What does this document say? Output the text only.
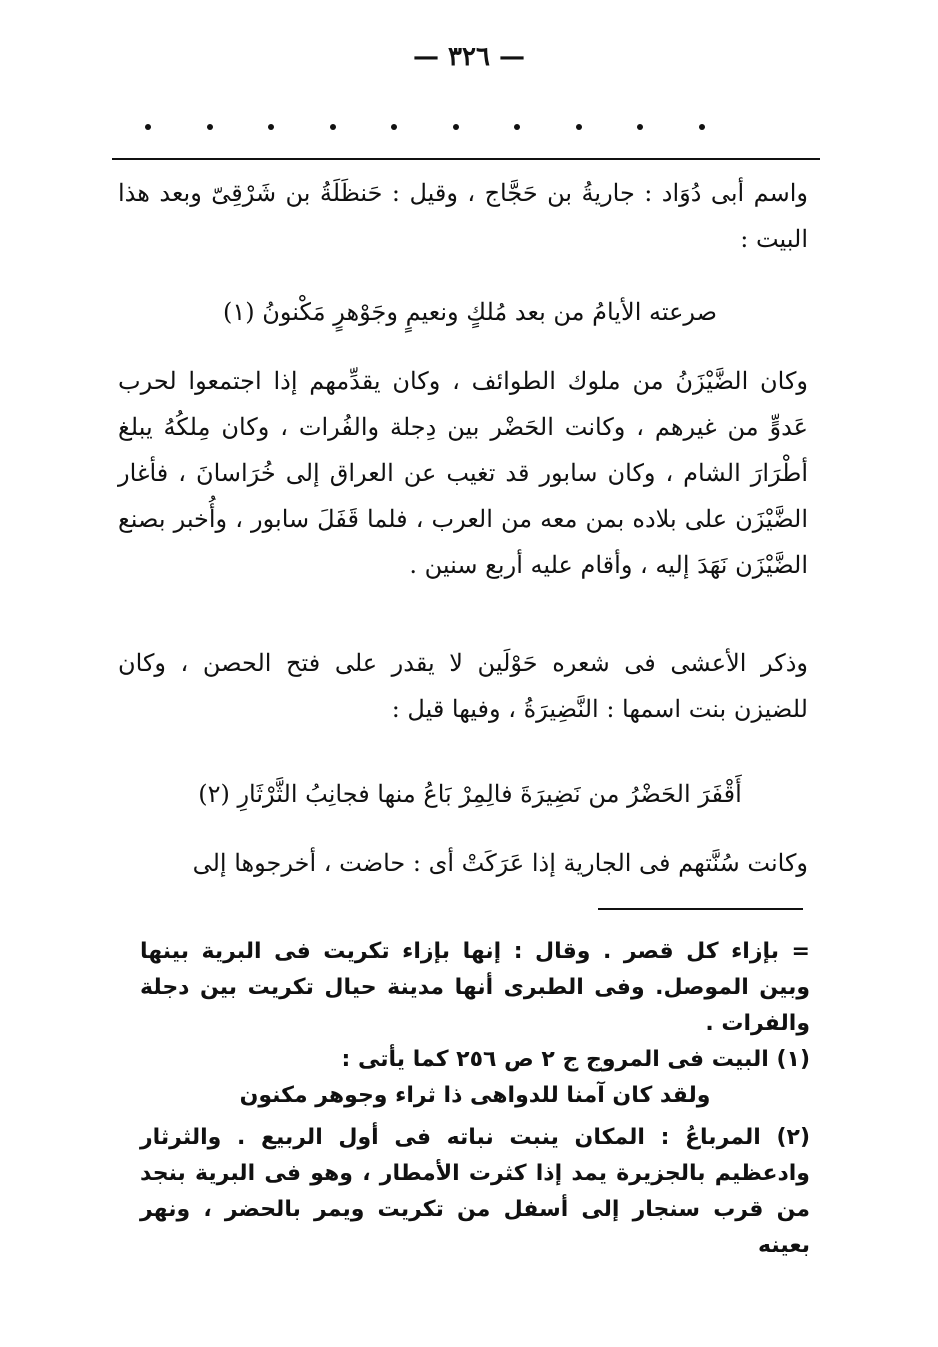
— ٣٢٦ —

واسم أبى دُوَاد : جاريةُ بن حَجَّاج ، وقيل : حَنظَلَةُ بن شَرْقِىّ وبعد هذا البيت :

صرعته الأيامُ من بعد مُلكٍ ونعيمٍ وجَوْهرٍ مَكْنونُ (١)

وكان الضَّيْزَنُ من ملوك الطوائف ، وكان يقدِّمهم إذا اجتمعوا لحرب عَدوٍّ من غيرهم ، وكانت الحَضْر بين دِجلة والفُرات ، وكان مِلكُهُ يبلغ أطْرَارَ الشام ، وكان سابور قد تغيب عن العراق إلى خُرَاسانَ ، فأغار الضَّيْزَن على بلاده بمن معه من العرب ، فلما قَفَلَ سابور ، وأُخبر بصنع الضَّيْزَن نَهَدَ إليه ، وأقام عليه أربع سنين .

وذكر الأعشى فى شعره حَوْلَين لا يقدر على فتح الحصن ، وكان للضيزن بنت اسمها : النَّضِيرَةُ ، وفيها قيل :

أَقْفَرَ الحَضْرُ من نَضِيرَةَ فالِمِرْ بَاعُ منها فجانِبُ الثَّرْثَارِ (٢)

وكانت سُنَّتهم فى الجارية إذا عَرَكَتْ أى : حاضت ، أخرجوها إلى

= بإزاء كل قصر . وقال : إنها بإزاء تكريت فى البرية بينها وبين الموصل. وفى الطبرى أنها مدينة حيال تكريت بين دجلة والفرات .

(١) البيت فى المروج ج ٢ ص ٢٥٦ كما يأتى :

ولقد كان آمنا للدواهى ذا ثراء وجوهر مكنون

(٢) المرباعُ : المكان ينبت نباته فى أول الربيع . والثرثار وادعظيم بالجزيرة يمد إذا كثرت الأمطار ، وهو فى البرية بنجد من قرب سنجار إلى أسفل من تكريت ويمر بالحضر ، ونهر بعينه
